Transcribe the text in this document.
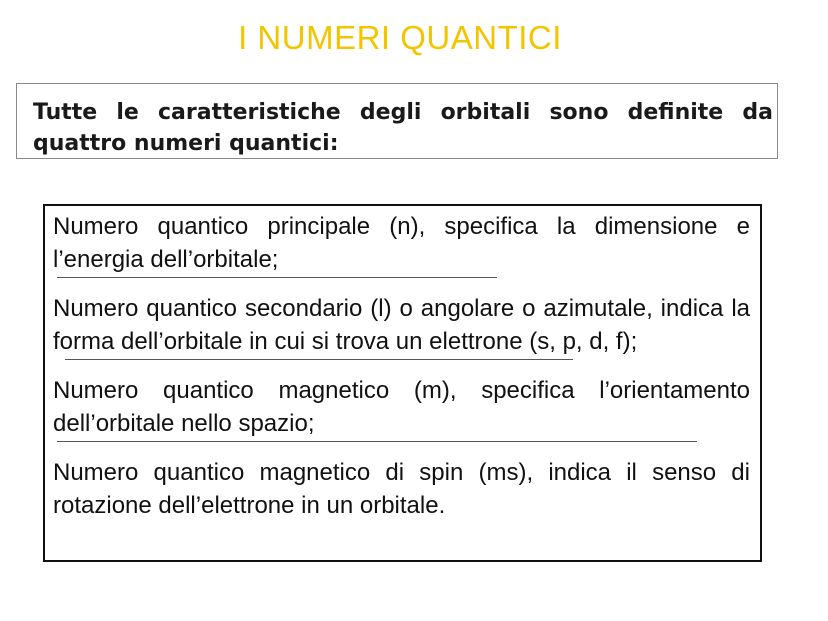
I NUMERI QUANTICI
Tutte le caratteristiche degli orbitali sono definite da quattro numeri quantici:
Numero quantico principale (n), specifica la dimensione e l’energia dell’orbitale;
Numero quantico secondario (l) o angolare o azimutale, indica la forma dell’orbitale in cui si trova un elettrone (s, p, d, f);
Numero quantico magnetico (m), specifica l’orientamento dell’orbitale nello spazio;
Numero quantico magnetico di spin (ms), indica il senso di rotazione dell’elettrone in un orbitale.
